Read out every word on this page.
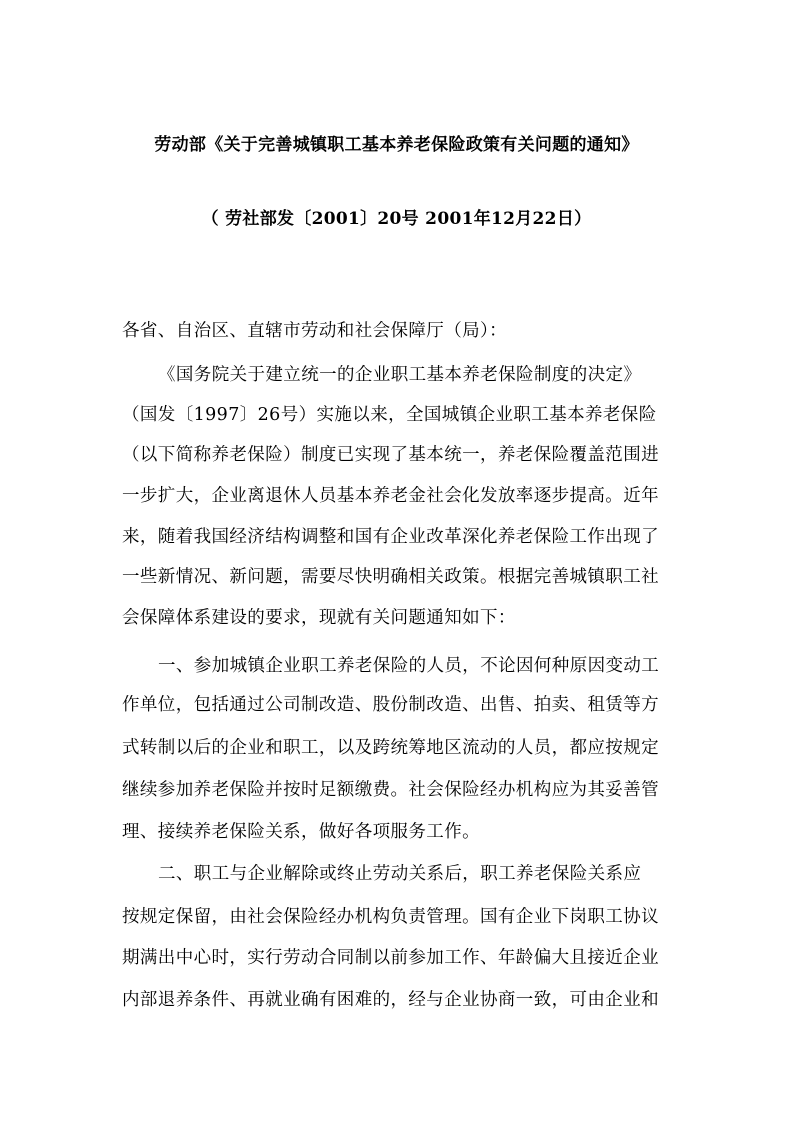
劳动部《关于完善城镇职工基本养老保险政策有关问题的通知》
（ 劳社部发〔2001〕20号 2001年12月22日）
各省、自治区、直辖市劳动和社会保障厅（局）：
《国务院关于建立统一的企业职工基本养老保险制度的决定》
（国发〔1997〕26号）实施以来，全国城镇企业职工基本养老保险
（以下简称养老保险）制度已实现了基本统一，养老保险覆盖范围进
一步扩大，企业离退休人员基本养老金社会化发放率逐步提高。近年
来，随着我国经济结构调整和国有企业改革深化养老保险工作出现了
一些新情况、新问题，需要尽快明确相关政策。根据完善城镇职工社
会保障体系建设的要求，现就有关问题通知如下：
一、参加城镇企业职工养老保险的人员，不论因何种原因变动工
作单位，包括通过公司制改造、股份制改造、出售、拍卖、租赁等方
式转制以后的企业和职工，以及跨统筹地区流动的人员，都应按规定
继续参加养老保险并按时足额缴费。社会保险经办机构应为其妥善管
理、接续养老保险关系，做好各项服务工作。
二、职工与企业解除或终止劳动关系后，职工养老保险关系应
按规定保留，由社会保险经办机构负责管理。国有企业下岗职工协议
期满出中心时，实行劳动合同制以前参加工作、年龄偏大且接近企业
内部退养条件、再就业确有困难的，经与企业协商一致，可由企业和
